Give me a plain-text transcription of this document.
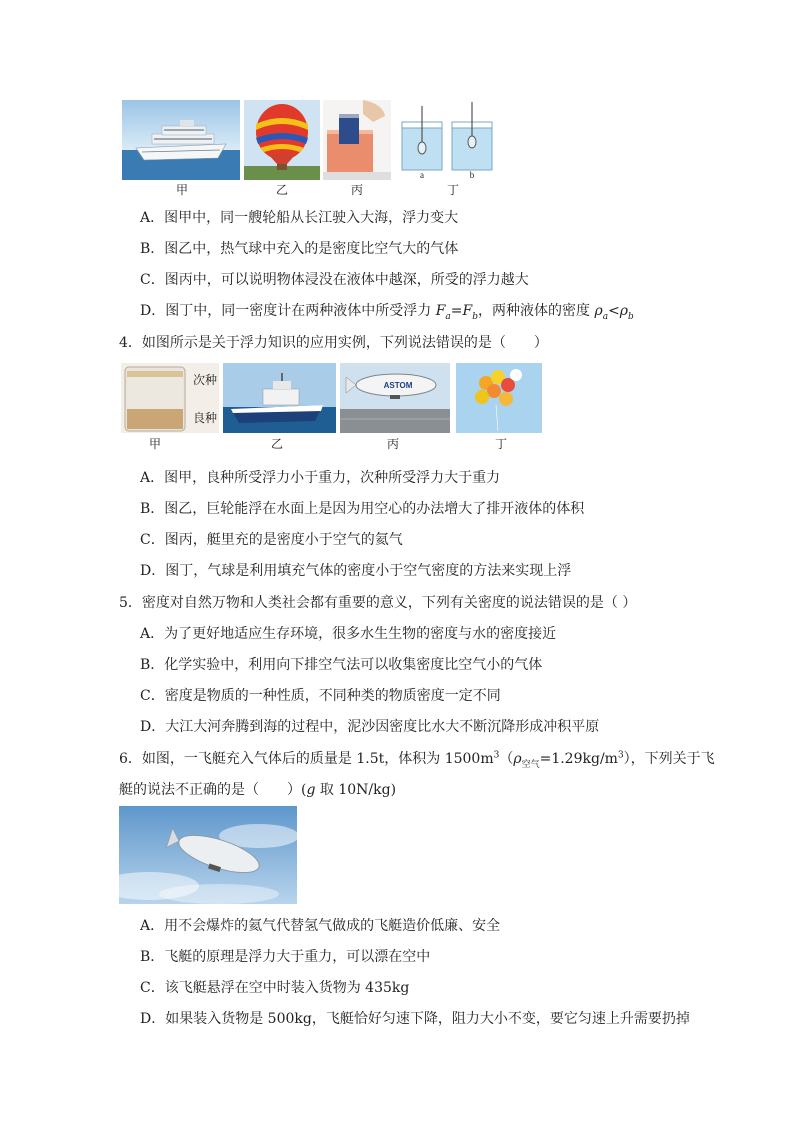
a	b
甲	乙	丙	丁
A．图甲中，同一艘轮船从长江驶入大海，浮力变大
B．图乙中，热气球中充入的是密度比空气大的气体
C．图丙中，可以说明物体浸没在液体中越深，所受的浮力越大
D．图丁中，同一密度计在两种液体中所受浮力 $F_a=F_b$，两种液体的密度 $\rho_a<\rho_b$
4．如图所示是关于浮力知识的应用实例，下列说法错误的是（　　）
次种
良种
ASTOM
甲	乙	丙	丁
A．图甲，良种所受浮力小于重力，次种所受浮力大于重力
B．图乙，巨轮能浮在水面上是因为用空心的办法增大了排开液体的体积
C．图丙，艇里充的是密度小于空气的氦气
D．图丁，气球是利用填充气体的密度小于空气密度的方法来实现上浮
5．密度对自然万物和人类社会都有重要的意义，下列有关密度的说法错误的是（ ）
A．为了更好地适应生存环境，很多水生生物的密度与水的密度接近
B．化学实验中，利用向下排空气法可以收集密度比空气小的气体
C．密度是物质的一种性质，不同种类的物质密度一定不同
D．大江大河奔腾到海的过程中，泥沙因密度比水大不断沉降形成冲积平原
6．如图，一飞艇充入气体后的质量是 1.5t，体积为 $1500m^3(\rho_{空气}=1.29kg/m^3)$，下列关于飞
艇的说法不正确的是（　　）(g 取 10N/kg)
A．用不会爆炸的氦气代替氢气做成的飞艇造价低廉、安全
B．飞艇的原理是浮力大于重力，可以漂在空中
C．该飞艇悬浮在空中时装入货物为 435kg
D．如果装入货物是 500kg，飞艇恰好匀速下降，阻力大小不变，要它匀速上升需要扔掉
